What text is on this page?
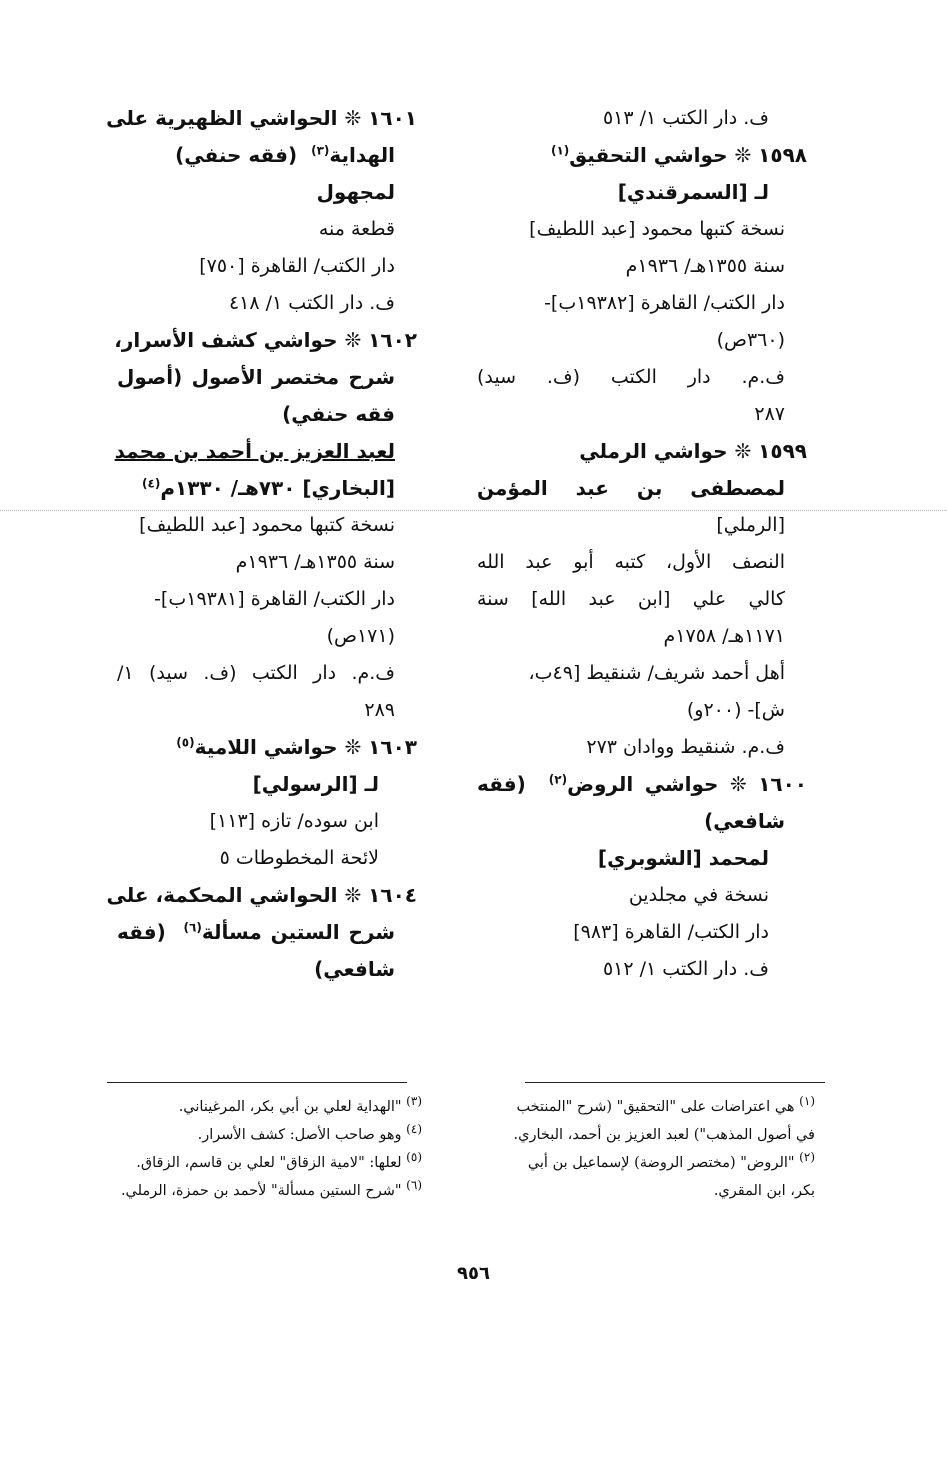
ف. دار الكتب ١/ ٥١٣
١٥٩٨ ❊ حواشي التحقيق$^{(١)}$
لـ [السمرقندي]
نسخة كتبها محمود [عبد اللطيف]
سنة ١٣٥٥هـ/ ١٩٣٦م
دار الكتب/ القاهرة [١٩٣٨٢ب]-
(٣٦٠ص)
ف.م. دار الكتب (ف. سيد)
٢٨٧
١٥٩٩ ❊ حواشي الرملي
لمصطفى بن عبد المؤمن
[الرملي]
النصف الأول، كتبه أبو عبد الله
كالي علي [ابن عبد الله] سنة
١١٧١هـ/ ١٧٥٨م
أهل أحمد شريف/ شنقيط [٤٩ب،
ش]- (٢٠٠و)
ف.م. شنقيط ووادان ٢٧٣
١٦٠٠ ❊ حواشي الروض$^{(٢)}$  (فقه
شافعي)
لمحمد [الشوبري]
نسخة في مجلدين
دار الكتب/ القاهرة [٩٨٣]
ف. دار الكتب ١/ ٥١٢
١٦٠١ ❊ الحواشي الظهيرية على
الهداية$^{(٣)}$  (فقه حنفي)
لمجهول
قطعة منه
دار الكتب/ القاهرة [٧٥٠]
ف. دار الكتب ١/ ٤١٨
١٦٠٢ ❊ حواشي كشف الأسرار،
شرح مختصر الأصول (أصول
فقه حنفي)
لعبد العزيز بن أحمد بن محمد
[البخاري] ٧٣٠هـ/ ١٣٣٠م$^{(٤)}$
نسخة كتبها محمود [عبد اللطيف]
سنة ١٣٥٥هـ/ ١٩٣٦م
دار الكتب/ القاهرة [١٩٣٨١ب]-
(١٧١ص)
ف.م. دار الكتب (ف. سيد) ١/
٢٨٩
١٦٠٣ ❊ حواشي اللامية$^{(٥)}$
لـ [الرسولي]
ابن سوده/ تازه [١١٣]
لائحة المخطوطات ٥
١٦٠٤ ❊ الحواشي المحكمة، على
شرح الستين مسألة$^{(٦)}$  (فقه
شافعي)
$^{(١)}$ هي اعتراضات على "التحقيق" (شرح "المنتخب
في أصول المذهب") لعبد العزيز بن أحمد، البخاري.
$^{(٢)}$ "الروض" (مختصر الروضة) لإسماعيل بن أبي
بكر، ابن المقري.
$^{(٣)}$ "الهداية لعلي بن أبي بكر، المرغيناني.
$^{(٤)}$ وهو صاحب الأصل: كشف الأسرار.
$^{(٥)}$ لعلها: "لامية الزقاق" لعلي بن قاسم، الزقاق.
$^{(٦)}$ "شرح الستين مسألة" لأحمد بن حمزة، الرملي.
٩٥٦
